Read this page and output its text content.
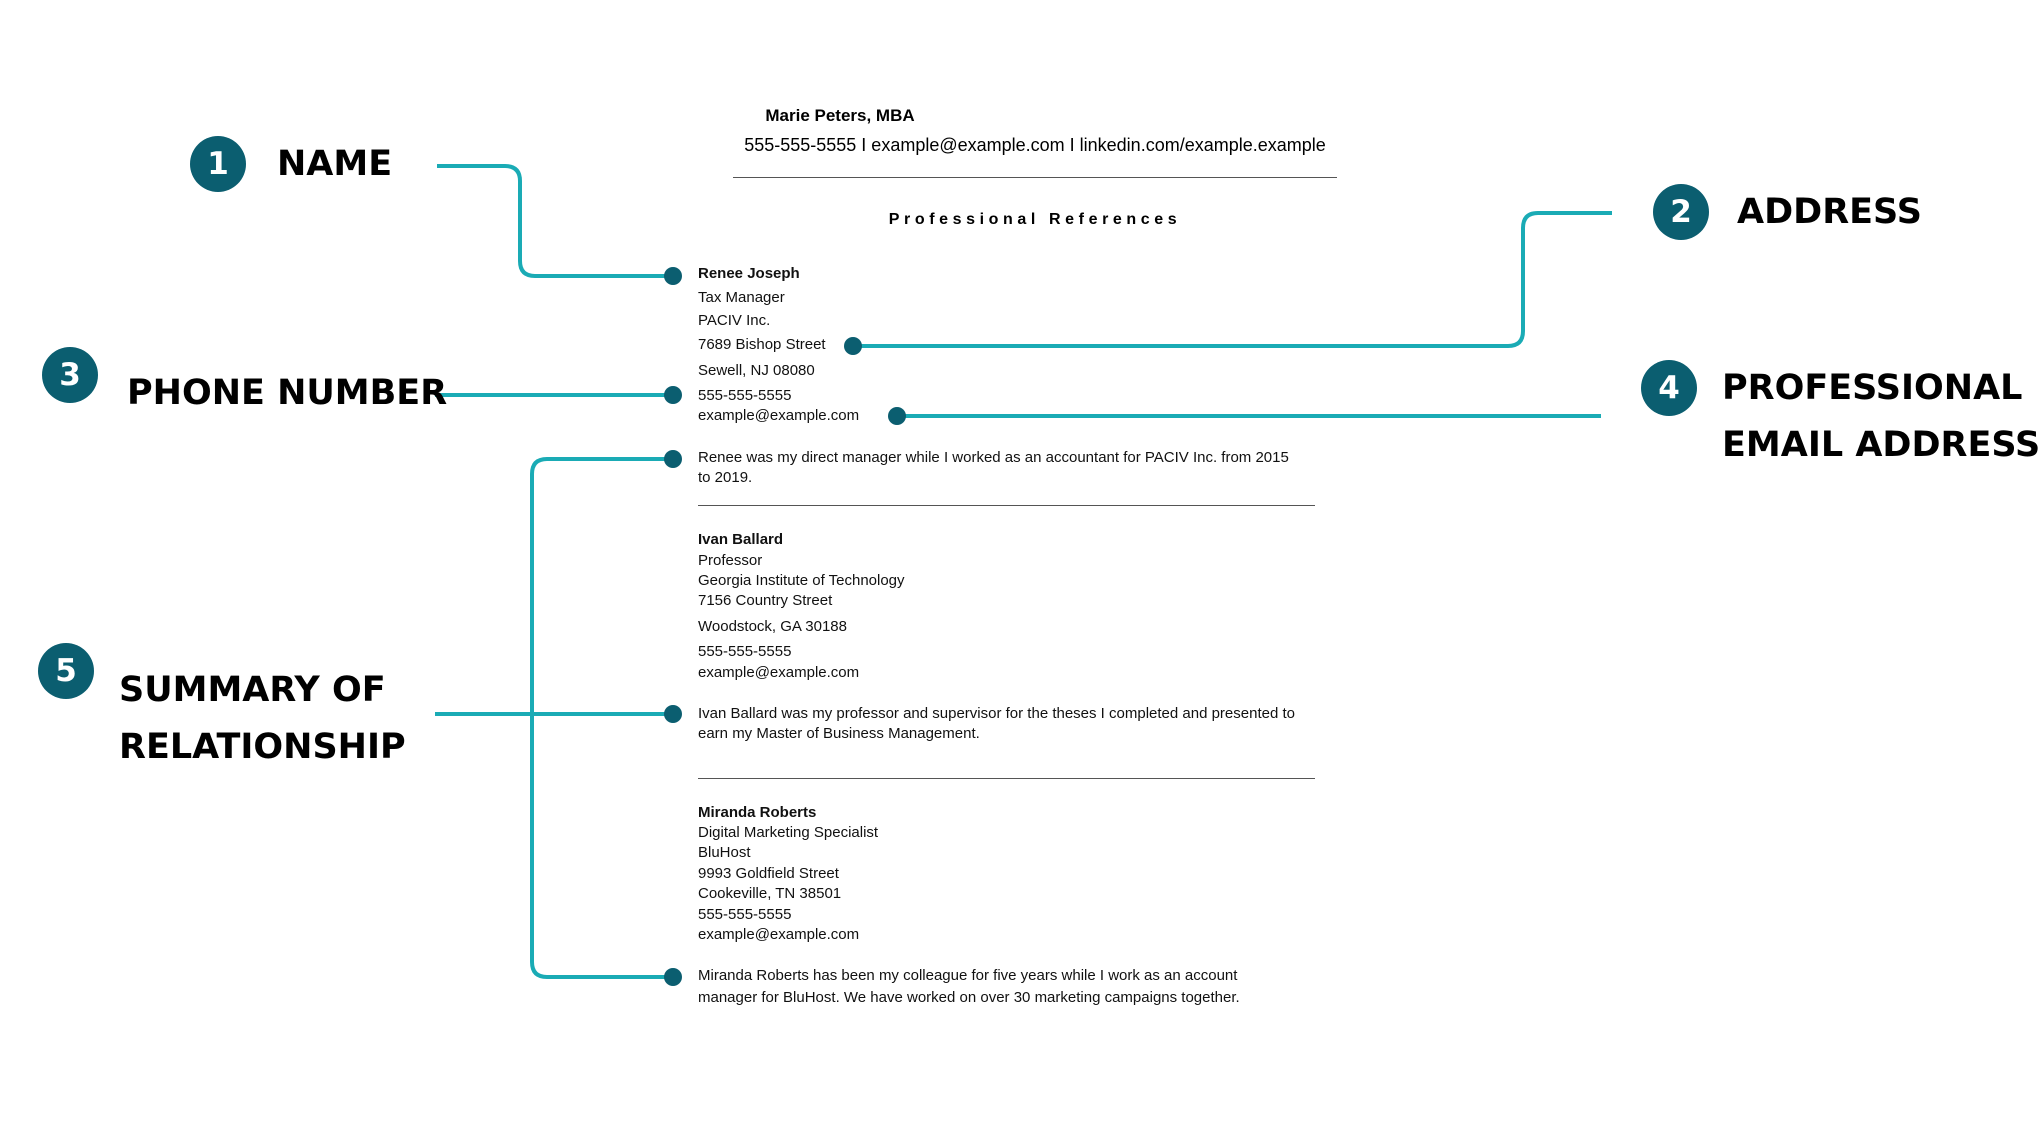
1	NAME
2	ADDRESS
3	PHONE NUMBER	4	PROFESSIONAL
EMAIL ADDRESS
5	SUMMARY OF
RELATIONSHIP
Marie Peters, MBA
555-555-5555 I example@example.com I linkedin.com/example.example
Professional References
Renee Joseph
Tax Manager
PACIV Inc.
7689 Bishop Street
Sewell, NJ 08080
555-555-5555
example@example.com
Renee was my direct manager while I worked as an accountant for PACIV Inc. from 2015
to 2019.
Ivan Ballard
Professor
Georgia Institute of Technology
7156 Country Street
Woodstock, GA 30188
555-555-5555
example@example.com
Ivan Ballard was my professor and supervisor for the theses I completed and presented to
earn my Master of Business Management.
Miranda Roberts
Digital Marketing Specialist
BluHost
9993 Goldfield Street
Cookeville, TN 38501
555-555-5555
example@example.com
Miranda Roberts has been my colleague for five years while I work as an account
manager for BluHost. We have worked on over 30 marketing campaigns together.
